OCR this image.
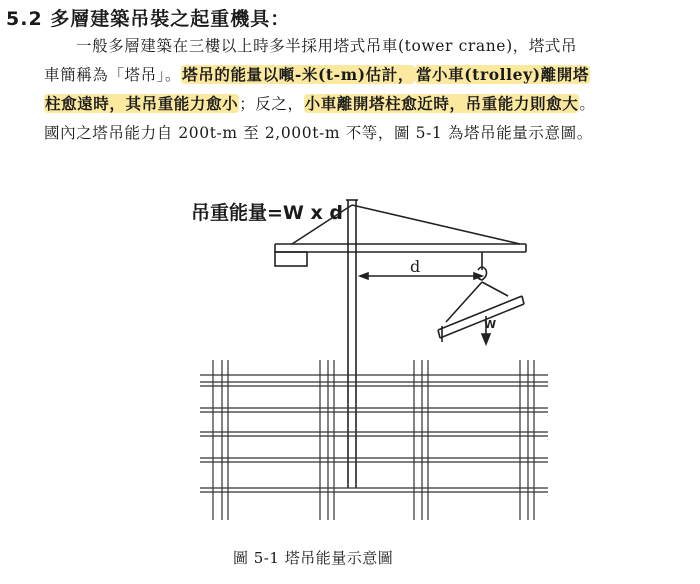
5.2 多層建築吊裝之起重機具：
一般多層建築在三樓以上時多半採用塔式吊車(tower crane)，塔式吊
車簡稱為「塔吊」。塔吊的能量以噸-米(t-m)估計， 當小車(trolley)離開塔
柱愈遠時，其吊重能力愈小；反之，小車離開塔柱愈近時，吊重能力則愈大。
國內之塔吊能力自 200t-m 至 2,000t-m 不等，圖 5-1 為塔吊能量示意圖。
吊重能量=W x d
d
W
圖 5-1 塔吊能量示意圖
